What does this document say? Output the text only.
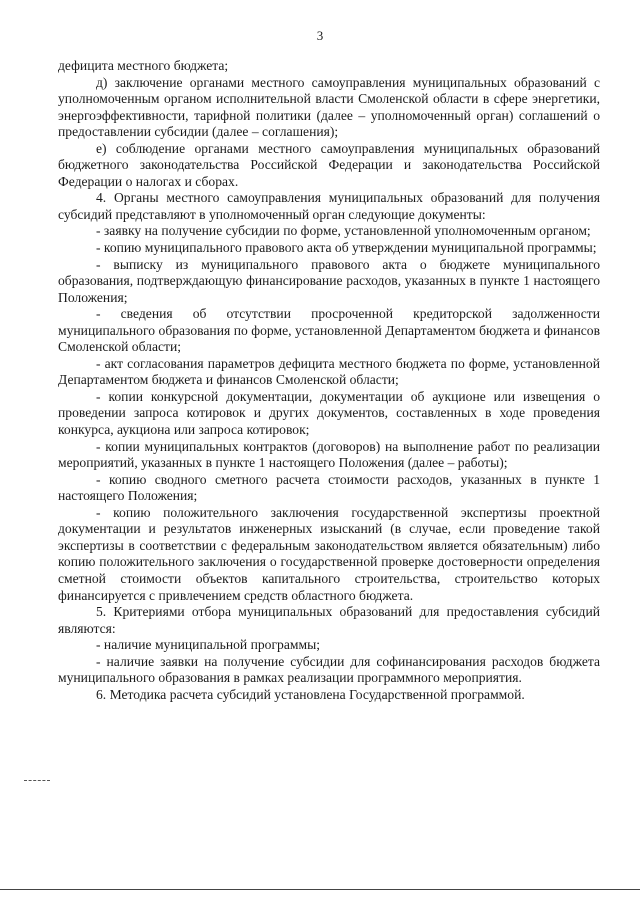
3

дефицита местного бюджета;

д) заключение органами местного самоуправления муниципальных образований с уполномоченным органом исполнительной власти Смоленской области в сфере энергетики, энергоэффективности, тарифной политики (далее – уполномоченный орган) соглашений о предоставлении субсидии (далее – соглашения);

е) соблюдение органами местного самоуправления муниципальных образований бюджетного законодательства Российской Федерации и законодательства Российской Федерации о налогах и сборах.

4. Органы местного самоуправления муниципальных образований для получения субсидий представляют в уполномоченный орган следующие документы:

- заявку на получение субсидии по форме, установленной уполномоченным органом;

- копию муниципального правового акта об утверждении муниципальной программы;

- выписку из муниципального правового акта о бюджете муниципального образования, подтверждающую финансирование расходов, указанных в пункте 1 настоящего Положения;

- сведения об отсутствии просроченной кредиторской задолженности муниципального образования по форме, установленной Департаментом бюджета и финансов Смоленской области;

- акт согласования параметров дефицита местного бюджета по форме, установленной Департаментом бюджета и финансов Смоленской области;

- копии конкурсной документации, документации об аукционе или извещения о проведении запроса котировок и других документов, составленных в ходе проведения конкурса, аукциона или запроса котировок;

- копии муниципальных контрактов (договоров) на выполнение работ по реализации мероприятий, указанных в пункте 1 настоящего Положения (далее – работы);

- копию сводного сметного расчета стоимости расходов, указанных в пункте 1 настоящего Положения;

- копию положительного заключения государственной экспертизы проектной документации и результатов инженерных изысканий (в случае, если проведение такой экспертизы в соответствии с федеральным законодательством является обязательным) либо копию положительного заключения о государственной проверке достоверности определения сметной стоимости объектов капитального строительства, строительство которых финансируется с привлечением средств областного бюджета.

5. Критериями отбора муниципальных образований для предоставления субсидий являются:

- наличие муниципальной программы;

- наличие заявки на получение субсидии для софинансирования расходов бюджета муниципального образования в рамках реализации программного мероприятия.

6. Методика расчета субсидий установлена Государственной программой.
